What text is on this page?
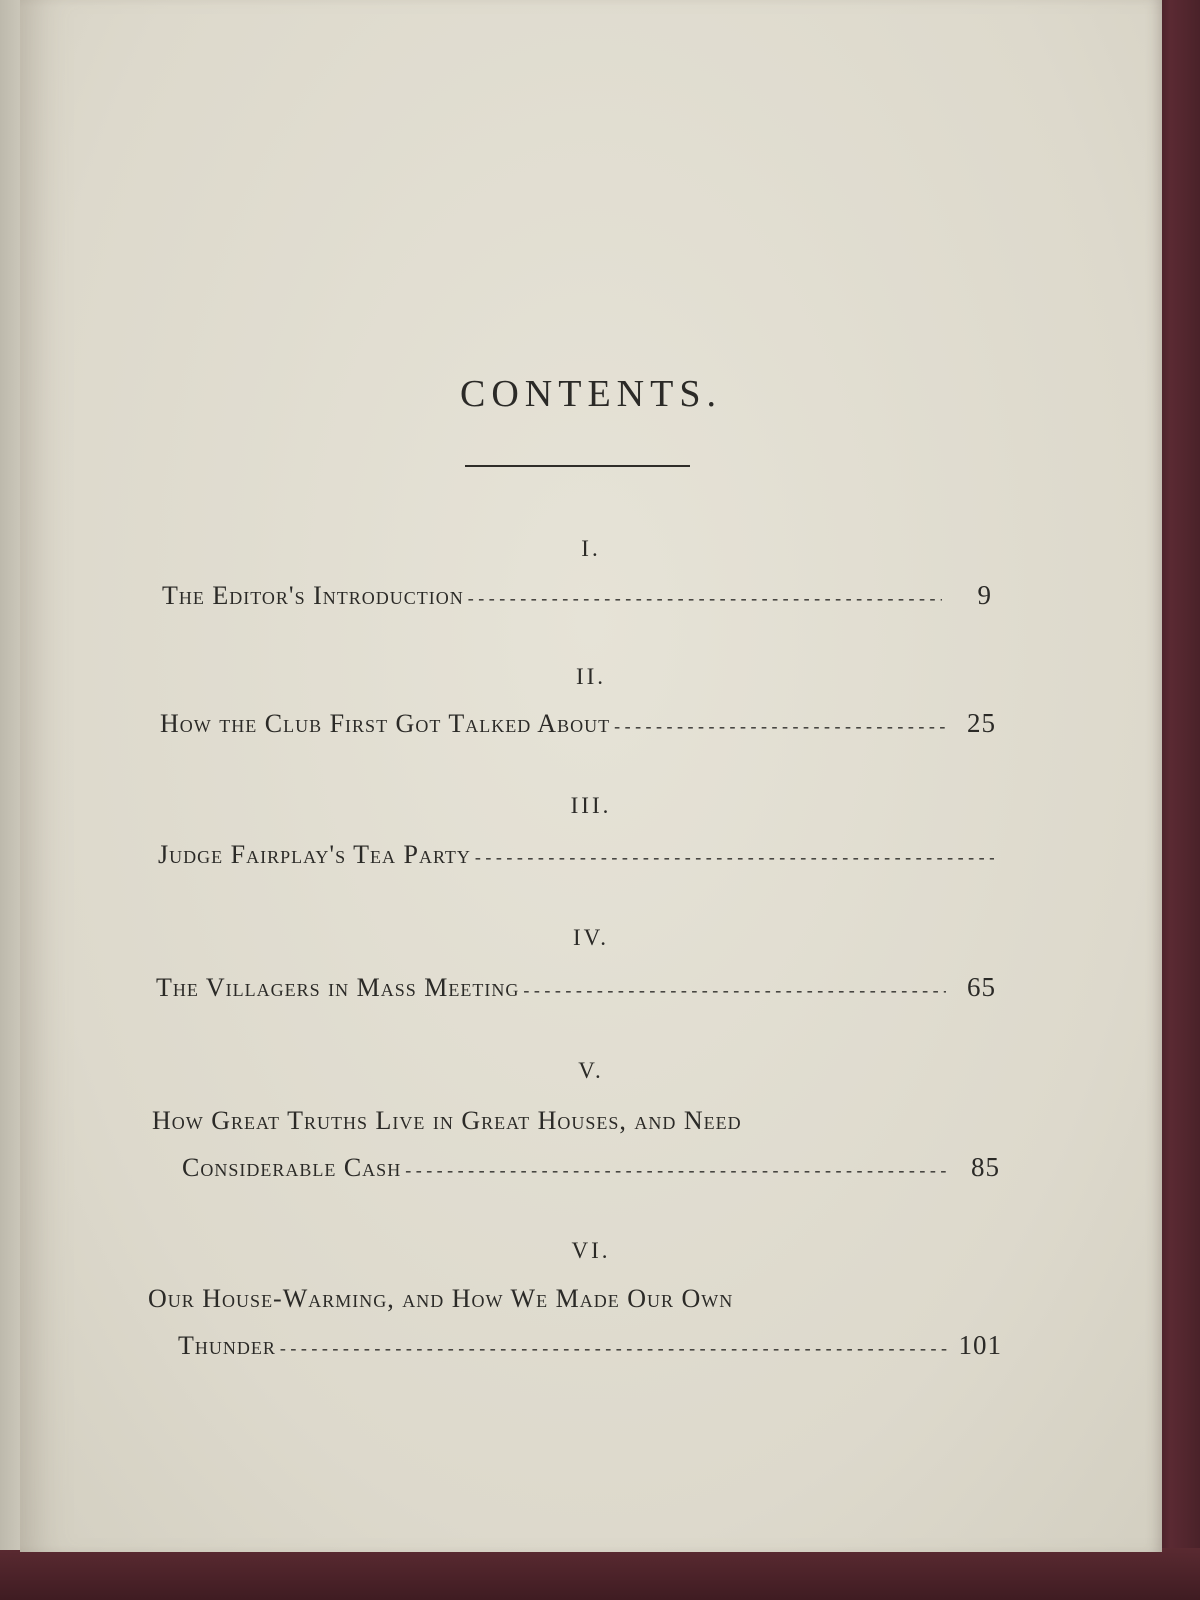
CONTENTS.
I.
The Editor's Introduction - - -	9
II.
How the Club First Got Talked About - - -	25
III.
Judge Fairplay's Tea Party
- - -
IV.
The Villagers in Mass Meeting - - -	65
V.
How Great Truths Live in Great Houses, and Need
Considerable Cash - - -	85
VI.
Our House-Warming, and How We Made Our Own
Thunder - - -	101
